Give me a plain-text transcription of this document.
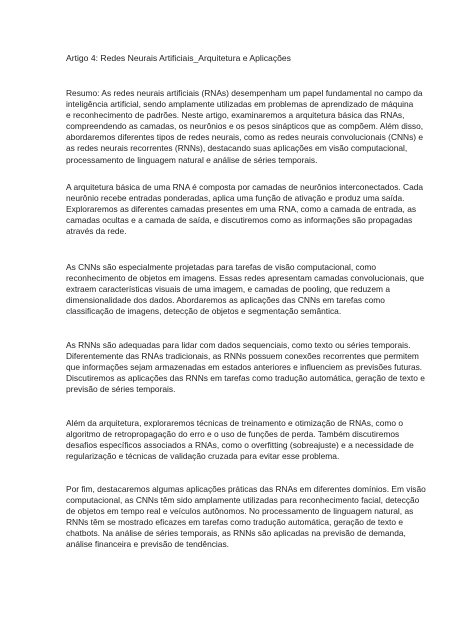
Artigo 4: Redes Neurais Artificiais_Arquitetura e Aplicações

Resumo: As redes neurais artificiais (RNAs) desempenham um papel fundamental no campo da
inteligência artificial, sendo amplamente utilizadas em problemas de aprendizado de máquina
e reconhecimento de padrões. Neste artigo, examinaremos a arquitetura básica das RNAs,
compreendendo as camadas, os neurônios e os pesos sinápticos que as compõem. Além disso,
abordaremos diferentes tipos de redes neurais, como as redes neurais convolucionais (CNNs) e
as redes neurais recorrentes (RNNs), destacando suas aplicações em visão computacional,
processamento de linguagem natural e análise de séries temporais.

A arquitetura básica de uma RNA é composta por camadas de neurônios interconectados. Cada
neurônio recebe entradas ponderadas, aplica uma função de ativação e produz uma saída.
Exploraremos as diferentes camadas presentes em uma RNA, como a camada de entrada, as
camadas ocultas e a camada de saída, e discutiremos como as informações são propagadas
através da rede.

As CNNs são especialmente projetadas para tarefas de visão computacional, como
reconhecimento de objetos em imagens. Essas redes apresentam camadas convolucionais, que
extraem características visuais de uma imagem, e camadas de pooling, que reduzem a
dimensionalidade dos dados. Abordaremos as aplicações das CNNs em tarefas como
classificação de imagens, detecção de objetos e segmentação semântica.

As RNNs são adequadas para lidar com dados sequenciais, como texto ou séries temporais.
Diferentemente das RNAs tradicionais, as RNNs possuem conexões recorrentes que permitem
que informações sejam armazenadas em estados anteriores e influenciem as previsões futuras.
Discutiremos as aplicações das RNNs em tarefas como tradução automática, geração de texto e
previsão de séries temporais.

Além da arquitetura, exploraremos técnicas de treinamento e otimização de RNAs, como o
algoritmo de retropropagação do erro e o uso de funções de perda. Também discutiremos
desafios específicos associados a RNAs, como o overfitting (sobreajuste) e a necessidade de
regularização e técnicas de validação cruzada para evitar esse problema.

Por fim, destacaremos algumas aplicações práticas das RNAs em diferentes domínios. Em visão
computacional, as CNNs têm sido amplamente utilizadas para reconhecimento facial, detecção
de objetos em tempo real e veículos autônomos. No processamento de linguagem natural, as
RNNs têm se mostrado eficazes em tarefas como tradução automática, geração de texto e
chatbots. Na análise de séries temporais, as RNNs são aplicadas na previsão de demanda,
análise financeira e previsão de tendências.
